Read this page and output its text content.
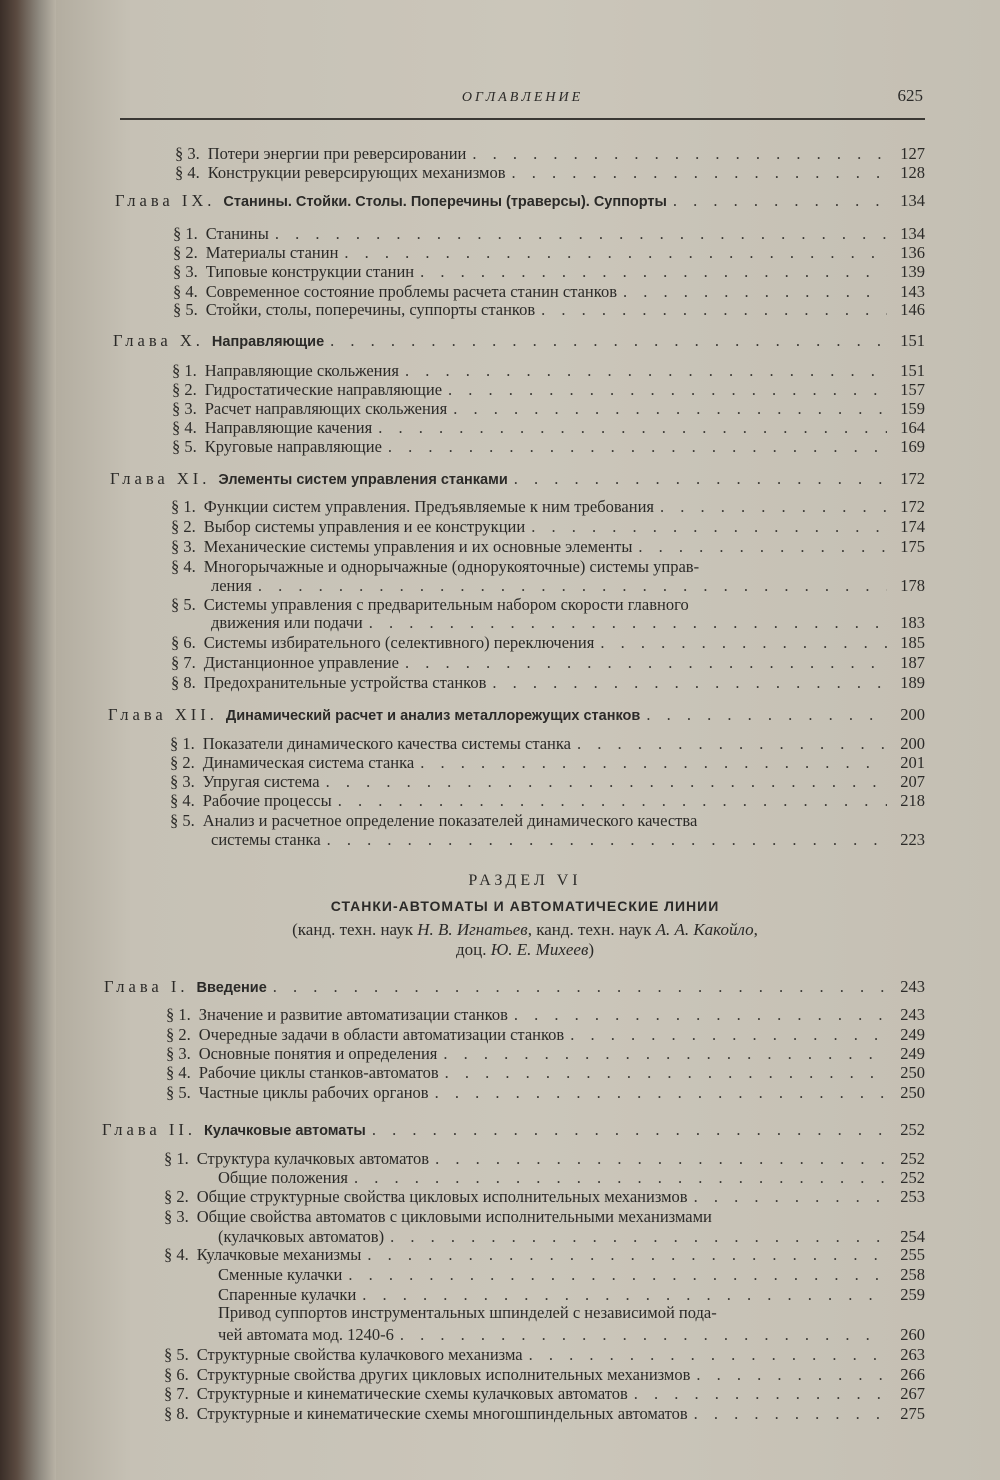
ОГЛАВЛЕНИЕ	625
§ 3. Потери энергии при реверсировании . . .	127
§ 4. Конструкции реверсирующих механизмов . . .	128
Глава IX. Станины. Стойки. Столы. Поперечины (траверсы). Суппорты . . .	134
§ 1. Станины . . .	134
§ 2. Материалы станин . . .	136
§ 3. Типовые конструкции станин . . .	139
§ 4. Современное состояние проблемы расчета станин станков . . .	143
§ 5. Стойки, столы, поперечины, суппорты станков . . .	146
Глава X. Направляющие . . .	151
§ 1. Направляющие скольжения . . .	151
§ 2. Гидростатические направляющие . . .	157
§ 3. Расчет направляющих скольжения . . .	159
§ 4. Направляющие качения . . .	164
§ 5. Круговые направляющие . . .	169
Глава XI. Элементы систем управления станками . . .	172
§ 1. Функции систем управления. Предъявляемые к ним требования . . .	172
§ 2. Выбор системы управления и ее конструкции . . .	174
§ 3. Механические системы управления и их основные элементы . . .	175
§ 4. Многорычажные и однорычажные (однорукояточные) системы управ-
ления . . .	178
§ 5. Системы управления с предварительным набором скорости главного
движения или подачи . . .	183
§ 6. Системы избирательного (селективного) переключения . . .	185
§ 7. Дистанционное управление . . .	187
§ 8. Предохранительные устройства станков . . .	189
Глава XII. Динамический расчет и анализ металлорежущих станков . . .	200
§ 1. Показатели динамического качества системы станка . . .	200
§ 2. Динамическая система станка . . .	201
§ 3. Упругая система . . .	207
§ 4. Рабочие процессы . . .	218
§ 5. Анализ и расчетное определение показателей динамического качества
системы станка . . .	223
Глава I. Введение . . .	243
§ 1. Значение и развитие автоматизации станков . . .	243
§ 2. Очередные задачи в области автоматизации станков . . .	249
§ 3. Основные понятия и определения . . .	249
§ 4. Рабочие циклы станков-автоматов . . .	250
§ 5. Частные циклы рабочих органов . . .	250
Глава II. Кулачковые автоматы . . .	252
§ 1. Структура кулачковых автоматов . . .	252
Общие положения . . .	252
§ 2. Общие структурные свойства цикловых исполнительных механизмов . . .	253
§ 3. Общие свойства автоматов с цикловыми исполнительными механизмами
(кулачковых автоматов) . . .	254
§ 4. Кулачковые механизмы . . .	255
Сменные кулачки . . .	258
Спаренные кулачки . . .	259
Привод суппортов инструментальных шпинделей с независимой пода-
чей автомата мод. 1240-6 . . .	260
§ 5. Структурные свойства кулачкового механизма . . .	263
§ 6. Структурные свойства других цикловых исполнительных механизмов . . .	266
§ 7. Структурные и кинематические схемы кулачковых автоматов . . .	267
§ 8. Структурные и кинематические схемы многошпиндельных автоматов . . .	275
РАЗДЕЛ VI
СТАНКИ-АВТОМАТЫ И АВТОМАТИЧЕСКИЕ ЛИНИИ
(канд. техн. наук Н. В. Игнатьев, канд. техн. наук А. А. Какойло,
доц. Ю. Е. Михеев)
